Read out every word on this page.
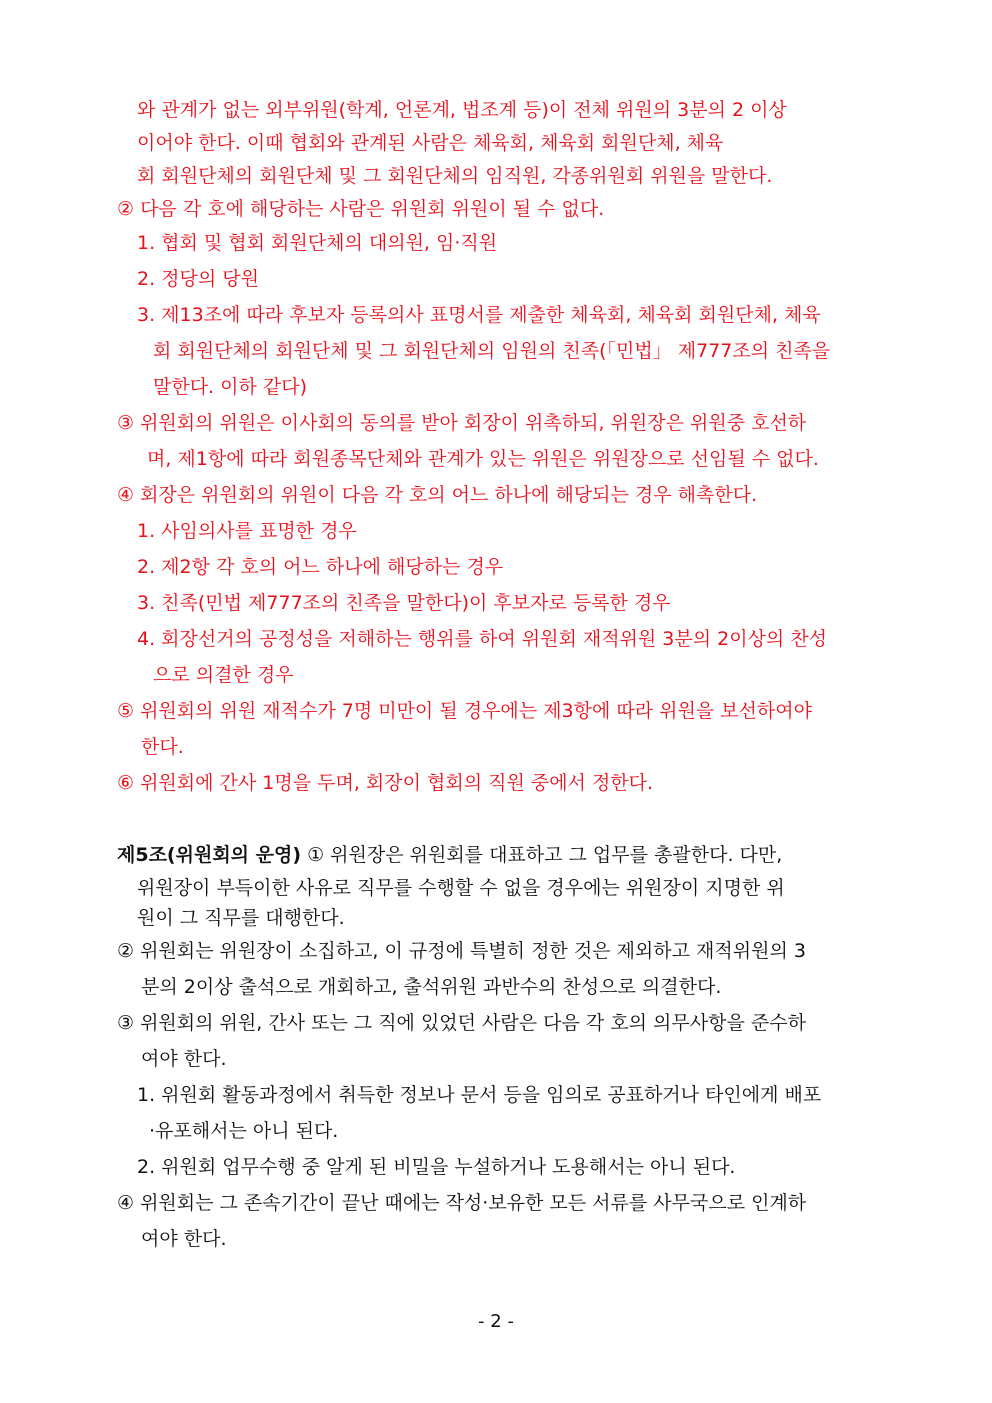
와 관계가 없는 외부위원(학계, 언론계, 법조계 등)이 전체 위원의 3분의 2 이상
이어야 한다. 이때 협회와 관계된 사람은 체육회, 체육회 회원단체, 체육
회 회원단체의 회원단체 및 그 회원단체의 임직원, 각종위원회 위원을 말한다.
② 다음 각 호에 해당하는 사람은 위원회 위원이 될 수 없다.
1. 협회 및 협회 회원단체의 대의원, 임·직원
2. 정당의 당원
3. 제13조에 따라 후보자 등록의사 표명서를 제출한 체육회, 체육회 회원단체, 체육
회 회원단체의 회원단체 및 그 회원단체의 임원의 친족(「민법」 제777조의 친족을
말한다. 이하 같다)
③ 위원회의 위원은 이사회의 동의를 받아 회장이 위촉하되, 위원장은 위원중 호선하
며, 제1항에 따라 회원종목단체와 관계가 있는 위원은 위원장으로 선임될 수 없다.
④ 회장은 위원회의 위원이 다음 각 호의 어느 하나에 해당되는 경우 해촉한다.
1. 사임의사를 표명한 경우
2. 제2항 각 호의 어느 하나에 해당하는 경우
3. 친족(민법 제777조의 친족을 말한다)이 후보자로 등록한 경우
4. 회장선거의 공정성을 저해하는 행위를 하여 위원회 재적위원 3분의 2이상의 찬성
으로 의결한 경우
⑤ 위원회의 위원 재적수가 7명 미만이 될 경우에는 제3항에 따라 위원을 보선하여야
한다.
⑥ 위원회에 간사 1명을 두며, 회장이 협회의 직원 중에서 정한다.
제5조(위원회의 운영) ① 위원장은 위원회를 대표하고 그 업무를 총괄한다. 다만,
위원장이 부득이한 사유로 직무를 수행할 수 없을 경우에는 위원장이 지명한 위
원이 그 직무를 대행한다.
② 위원회는 위원장이 소집하고, 이 규정에 특별히 정한 것은 제외하고 재적위원의 3
분의 2이상 출석으로 개회하고, 출석위원 과반수의 찬성으로 의결한다.
③ 위원회의 위원, 간사 또는 그 직에 있었던 사람은 다음 각 호의 의무사항을 준수하
여야 한다.
1. 위원회 활동과정에서 취득한 정보나 문서 등을 임의로 공표하거나 타인에게 배포
·유포해서는 아니 된다.
2. 위원회 업무수행 중 알게 된 비밀을 누설하거나 도용해서는 아니 된다.
④ 위원회는 그 존속기간이 끝난 때에는 작성·보유한 모든 서류를 사무국으로 인계하
여야 한다.
- 2 -
